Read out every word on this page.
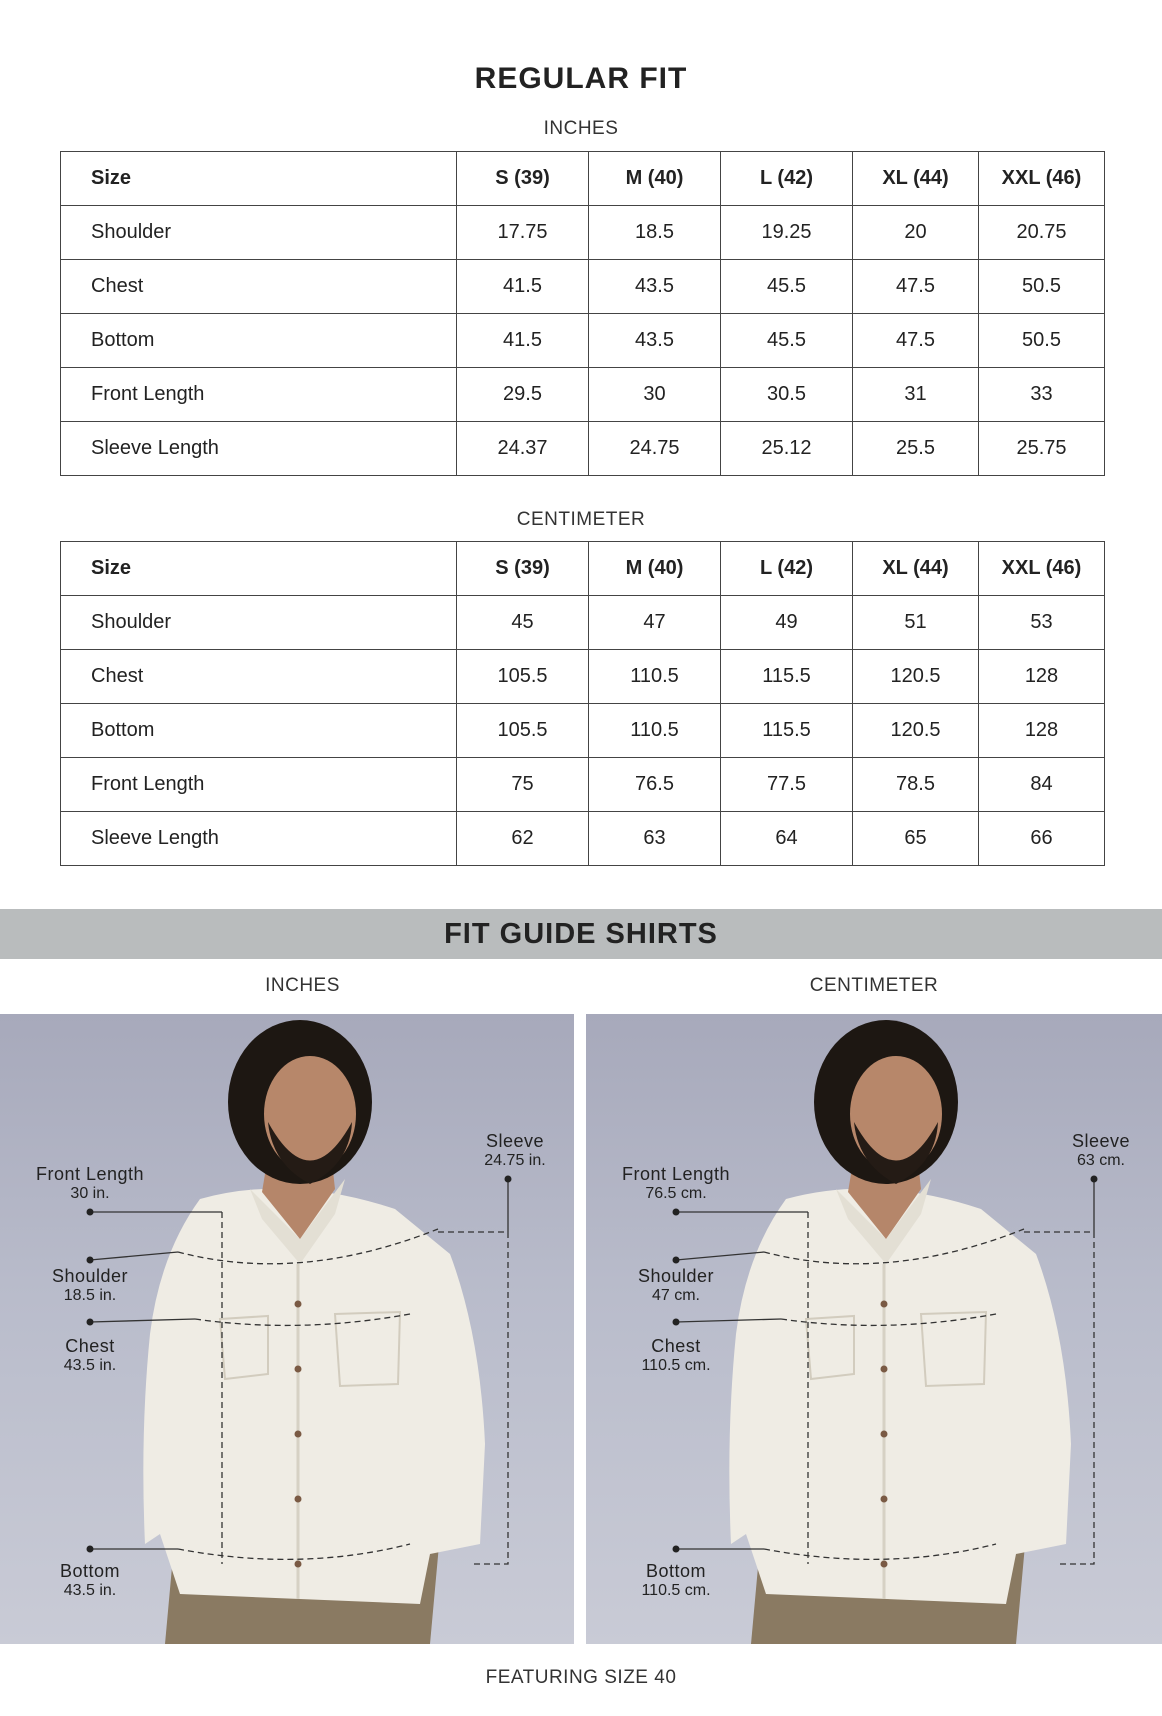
REGULAR FIT
INCHES
Size	S (39)	M (40)	L (42)	XL (44)	XXL (46)
Shoulder	17.75	18.5	19.25	20	20.75
Chest	41.5	43.5	45.5	47.5	50.5
Bottom	41.5	43.5	45.5	47.5	50.5
Front Length	29.5	30	30.5	31	33
Sleeve Length	24.37	24.75	25.12	25.5	25.75
CENTIMETER
Size	S (39)	M (40)	L (42)	XL (44)	XXL (46)
Shoulder	45	47	49	51	53
Chest	105.5	110.5	115.5	120.5	128
Bottom	105.5	110.5	115.5	120.5	128
Front Length	75	76.5	77.5	78.5	84
Sleeve Length	62	63	64	65	66
FIT GUIDE SHIRTS
INCHES	CENTIMETER
Front Length
30 in.
Shoulder
18.5 in.
Chest
43.5 in.
Bottom
43.5 in.
Sleeve
24.75 in.
Front Length
76.5 cm.
Shoulder
47 cm.
Chest
110.5 cm.
Bottom
110.5 cm.
Sleeve
63 cm.
FEATURING SIZE 40
